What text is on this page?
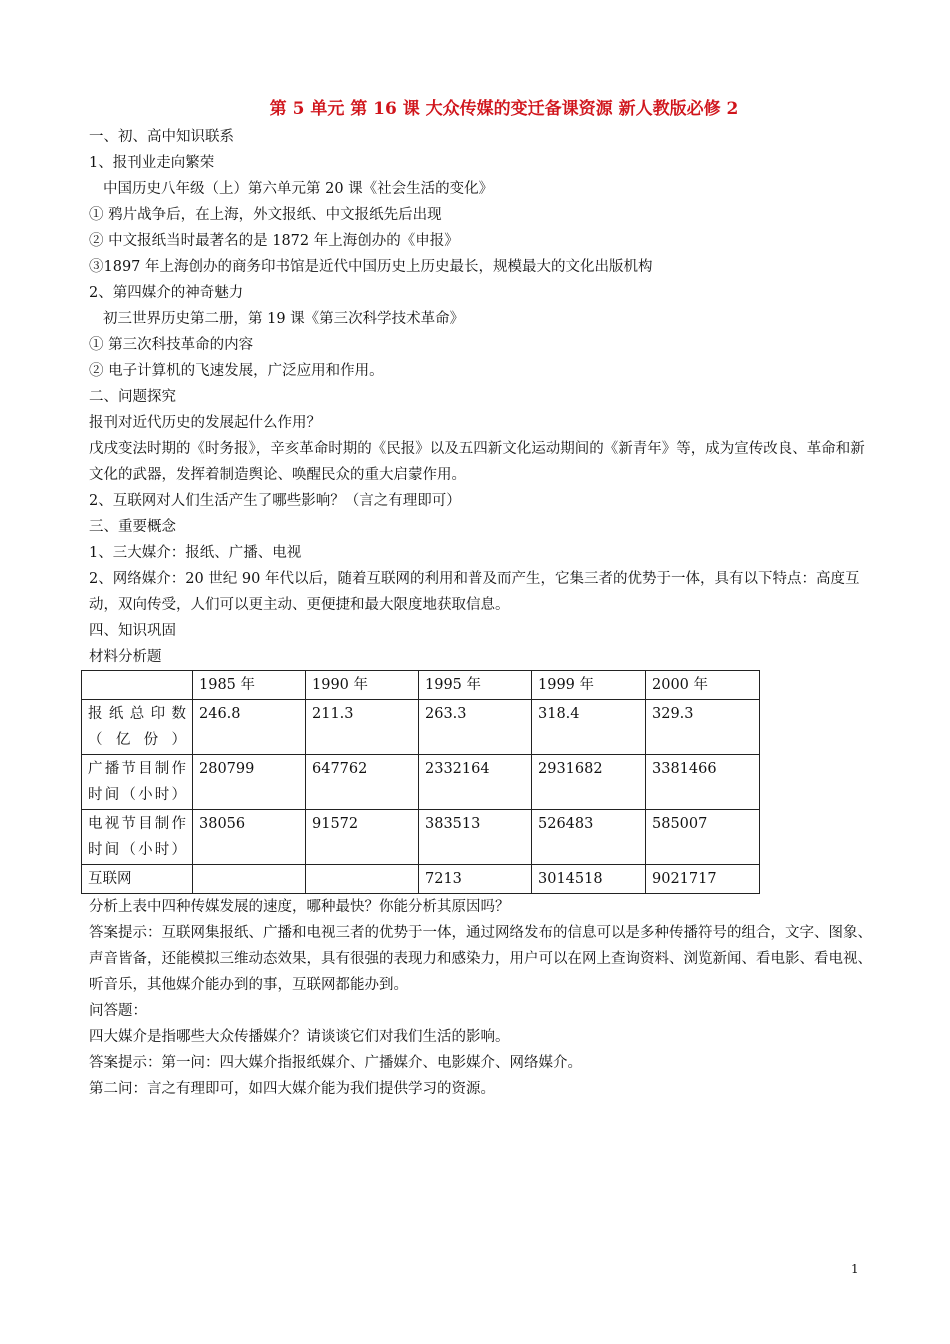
第 5 单元 第 16 课 大众传媒的变迁备课资源 新人教版必修 2

一、初、高中知识联系

1、报刊业走向繁荣

中国历史八年级（上）第六单元第 20 课《社会生活的变化》

① 鸦片战争后，在上海，外文报纸、中文报纸先后出现

② 中文报纸当时最著名的是 1872 年上海创办的《申报》

③1897 年上海创办的商务印书馆是近代中国历史上历史最长，规模最大的文化出版机构

2、第四媒介的神奇魅力

初三世界历史第二册，第 19 课《第三次科学技术革命》

① 第三次科技革命的内容

② 电子计算机的飞速发展，广泛应用和作用。

二、问题探究

报刊对近代历史的发展起什么作用？

戊戌变法时期的《时务报》，辛亥革命时期的《民报》以及五四新文化运动期间的《新青年》等，成为宣传改良、革命和新文化的武器，发挥着制造舆论、唤醒民众的重大启蒙作用。

2、互联网对人们生活产生了哪些影响？（言之有理即可）

三、重要概念

1、三大媒介：报纸、广播、电视

2、网络媒介：20 世纪 90 年代以后，随着互联网的利用和普及而产生，它集三者的优势于一体，具有以下特点：高度互动，双向传受，人们可以更主动、更便捷和最大限度地获取信息。

四、知识巩固

材料分析题

	1985 年	1990 年	1995 年	1999 年	2000 年
报纸总印数（亿份）	246.8	211.3	263.3	318.4	329.3
广播节目制作时间（小时）	280799	647762	2332164	2931682	3381466
电视节目制作时间（小时）	38056	91572	383513	526483	585007
互联网			7213	3014518	9021717

分析上表中四种传媒发展的速度，哪种最快？你能分析其原因吗？

答案提示：互联网集报纸、广播和电视三者的优势于一体，通过网络发布的信息可以是多种传播符号的组合，文字、图象、声音皆备，还能模拟三维动态效果，具有很强的表现力和感染力，用户可以在网上查询资料、浏览新闻、看电影、看电视、听音乐，其他媒介能办到的事，互联网都能办到。

问答题：

四大媒介是指哪些大众传播媒介？请谈谈它们对我们生活的影响。

答案提示：第一问：四大媒介指报纸媒介、广播媒介、电影媒介、网络媒介。

第二问：言之有理即可，如四大媒介能为我们提供学习的资源。

1
